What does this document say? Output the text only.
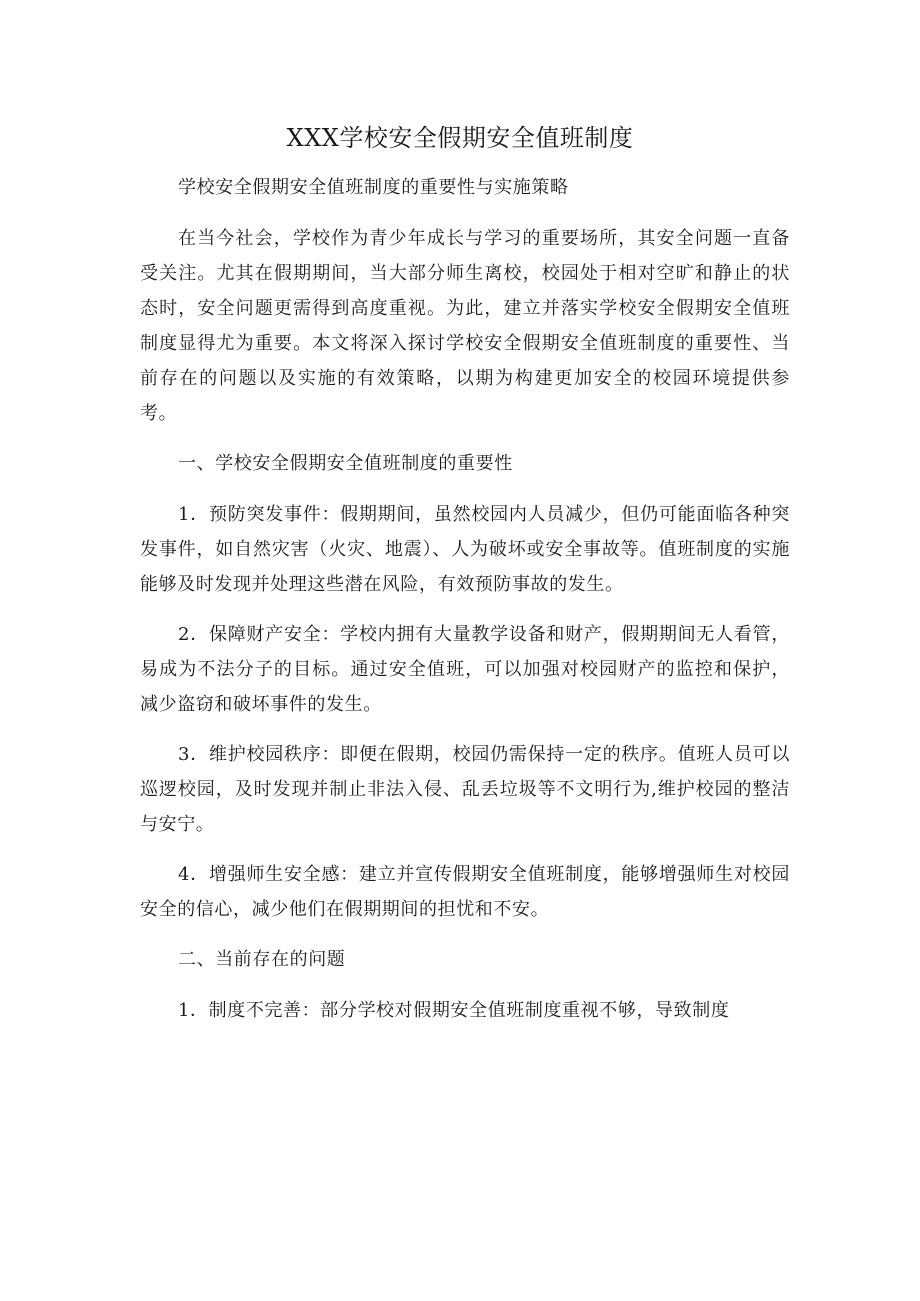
XXX学校安全假期安全值班制度

学校安全假期安全值班制度的重要性与实施策略

在当今社会，学校作为青少年成长与学习的重要场所，其安全问题一直备受关注。尤其在假期期间，当大部分师生离校，校园处于相对空旷和静止的状态时，安全问题更需得到高度重视。为此，建立并落实学校安全假期安全值班制度显得尤为重要。本文将深入探讨学校安全假期安全值班制度的重要性、当前存在的问题以及实施的有效策略，以期为构建更加安全的校园环境提供参考。

一、学校安全假期安全值班制度的重要性

1．预防突发事件：假期期间，虽然校园内人员减少，但仍可能面临各种突发事件，如自然灾害（火灾、地震）、人为破坏或安全事故等。值班制度的实施能够及时发现并处理这些潜在风险，有效预防事故的发生。

2．保障财产安全：学校内拥有大量教学设备和财产，假期期间无人看管，易成为不法分子的目标。通过安全值班，可以加强对校园财产的监控和保护，减少盗窃和破坏事件的发生。

3．维护校园秩序：即便在假期，校园仍需保持一定的秩序。值班人员可以巡逻校园，及时发现并制止非法入侵、乱丢垃圾等不文明行为,维护校园的整洁与安宁。

4．增强师生安全感：建立并宣传假期安全值班制度，能够增强师生对校园安全的信心，减少他们在假期期间的担忧和不安。

二、当前存在的问题

1．制度不完善：部分学校对假期安全值班制度重视不够，导致制度
